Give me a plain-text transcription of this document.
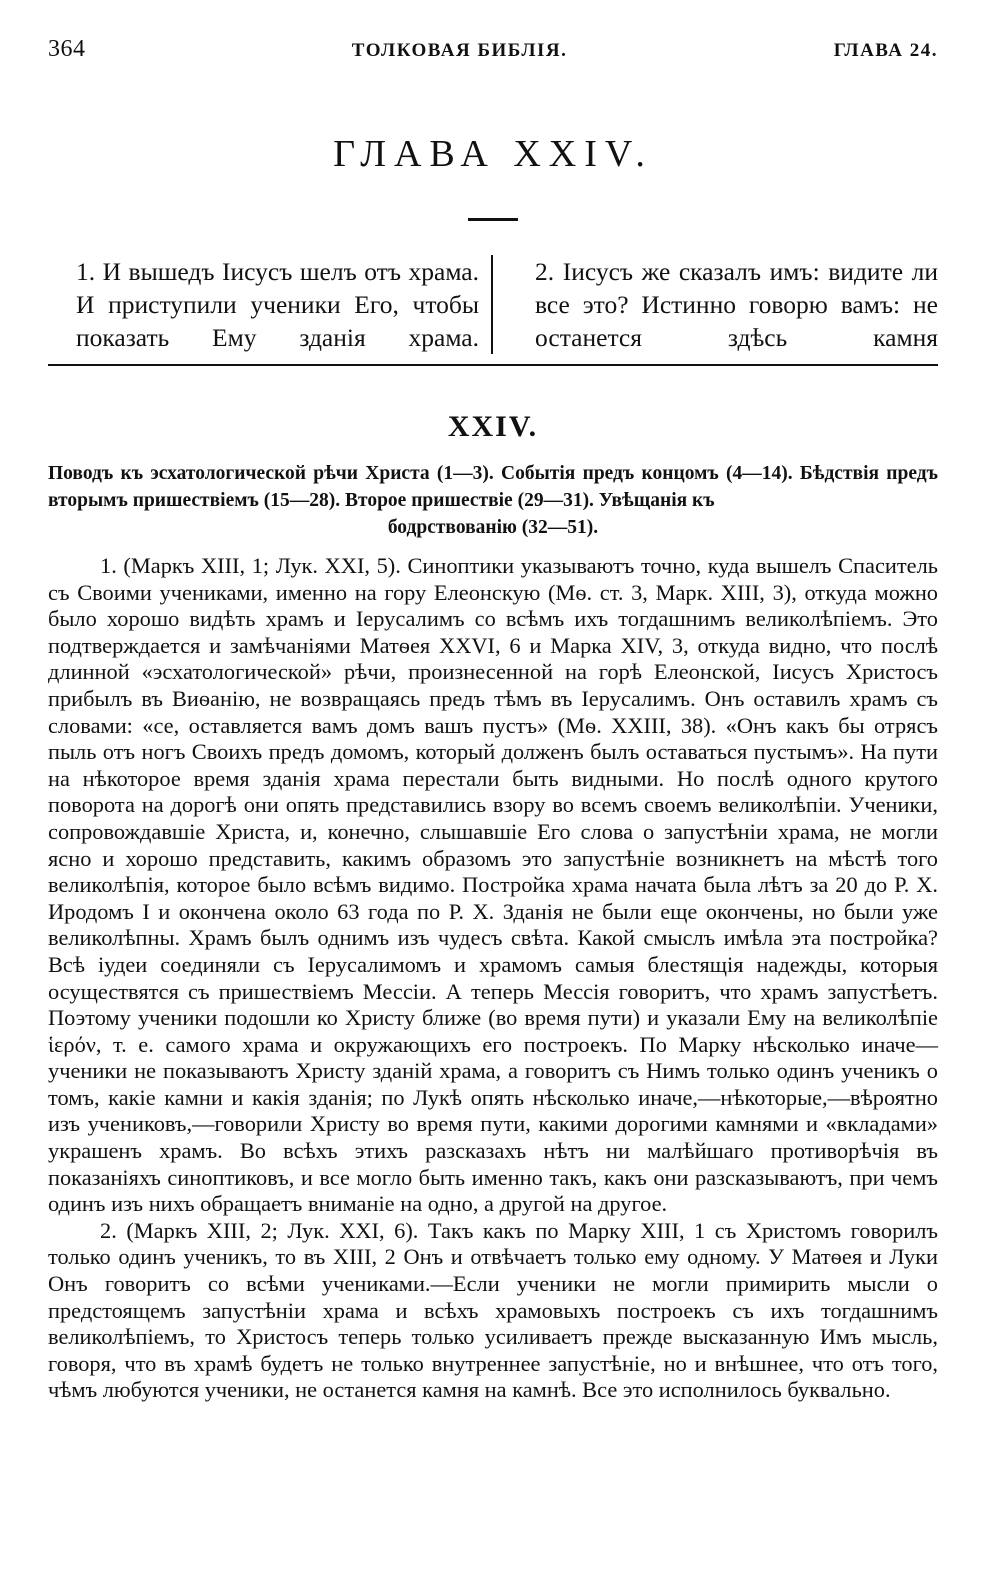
364	ТОЛКОВАЯ БИБЛІЯ.	ГЛАВА 24.
ГЛАВА XXIV.

1. И вышедъ Іисусъ шелъ отъ храма. И приступили ученики Его, чтобы показать Ему зданія храма.

2. Іисусъ же сказалъ имъ: видите ли все это? Истинно говорю вамъ: не останется здѣсь камня

XXIV.
Поводъ къ эсхатологической рѣчи Христа (1—3). Событія предъ концомъ (4—14). Бѣдствія предъ вторымъ пришествіемъ (15—28). Второе пришествіе (29—31). Увѣщанія къ
бодрствованію (32—51).

1. (Маркъ XIII, 1; Лук. XXI, 5). Синоптики указываютъ точно, куда вышелъ Спаситель съ Своими учениками, именно на гору Елеонскую (Мѳ. ст. 3, Марк. XIII, 3), откуда можно было хорошо видѣть храмъ и Іерусалимъ со всѣмъ ихъ тогдашнимъ великолѣпіемъ. Это подтверждается и замѣчаніями Матѳея XXVI, 6 и Марка XIV, 3, откуда видно, что послѣ длинной «эсхатологической» рѣчи, произнесенной на горѣ Елеонской, Іисусъ Христосъ прибылъ въ Виѳанію, не возвращаясь предъ тѣмъ въ Іерусалимъ. Онъ оставилъ храмъ съ словами: «се, оставляется вамъ домъ вашъ пустъ» (Мѳ. XXIII, 38). «Онъ какъ бы отрясъ пыль отъ ногъ Своихъ предъ домомъ, который долженъ былъ оставаться пустымъ». На пути на нѣкоторое время зданія храма перестали быть видными. Но послѣ одного крутого поворота на дорогѣ они опять представились взору во всемъ своемъ великолѣпіи. Ученики, сопровождавшіе Христа, и, конечно, слышавшіе Его слова о запустѣніи храма, не могли ясно и хорошо представить, какимъ образомъ это запустѣніе возникнетъ на мѣстѣ того великолѣпія, которое было всѣмъ видимо. Постройка храма начата была лѣтъ за 20 до Р. Х. Иродомъ I и окончена около 63 года по Р. Х. Зданія не были еще окончены, но были уже великолѣпны. Храмъ былъ однимъ изъ чудесъ свѣта. Какой смыслъ имѣла эта постройка? Всѣ іудеи соединяли съ Іерусалимомъ и храмомъ самыя блестящія надежды, которыя осуществятся съ пришествіемъ Мессіи. А теперь Мессія говоритъ, что храмъ запустѣетъ. Поэтому ученики подошли ко Христу ближе (во время пути) и указали Ему на великолѣпіе ἱερόν, т. е. самого храма и окружающихъ его построекъ. По Марку нѣсколько иначе—ученики не показываютъ Христу зданій храма, а говоритъ съ Нимъ только одинъ ученикъ о томъ, какіе камни и какія зданія; по Лукѣ опять нѣсколько иначе,—нѣкоторые,—вѣроятно изъ учениковъ,—говорили Христу во время пути, какими дорогими камнями и «вкладами» украшенъ храмъ. Во всѣхъ этихъ разсказахъ нѣтъ ни малѣйшаго противорѣчія въ показаніяхъ синоптиковъ, и все могло быть именно такъ, какъ они разсказываютъ, при чемъ одинъ изъ нихъ обращаетъ вниманіе на одно, а другой на другое.

2. (Маркъ XIII, 2; Лук. XXI, 6). Такъ какъ по Марку XIII, 1 съ Христомъ говорилъ только одинъ ученикъ, то въ XIII, 2 Онъ и отвѣчаетъ только ему одному. У Матѳея и Луки Онъ говоритъ со всѣми учениками.—Если ученики не могли примирить мысли о предстоящемъ запустѣніи храма и всѣхъ храмовыхъ построекъ съ ихъ тогдашнимъ великолѣпіемъ, то Христосъ теперь только усиливаетъ прежде высказанную Имъ мысль, говоря, что въ храмѣ будетъ не только внутреннее запустѣніе, но и внѣшнее, что отъ того, чѣмъ любуются ученики, не останется камня на камнѣ. Все это исполнилось буквально.
